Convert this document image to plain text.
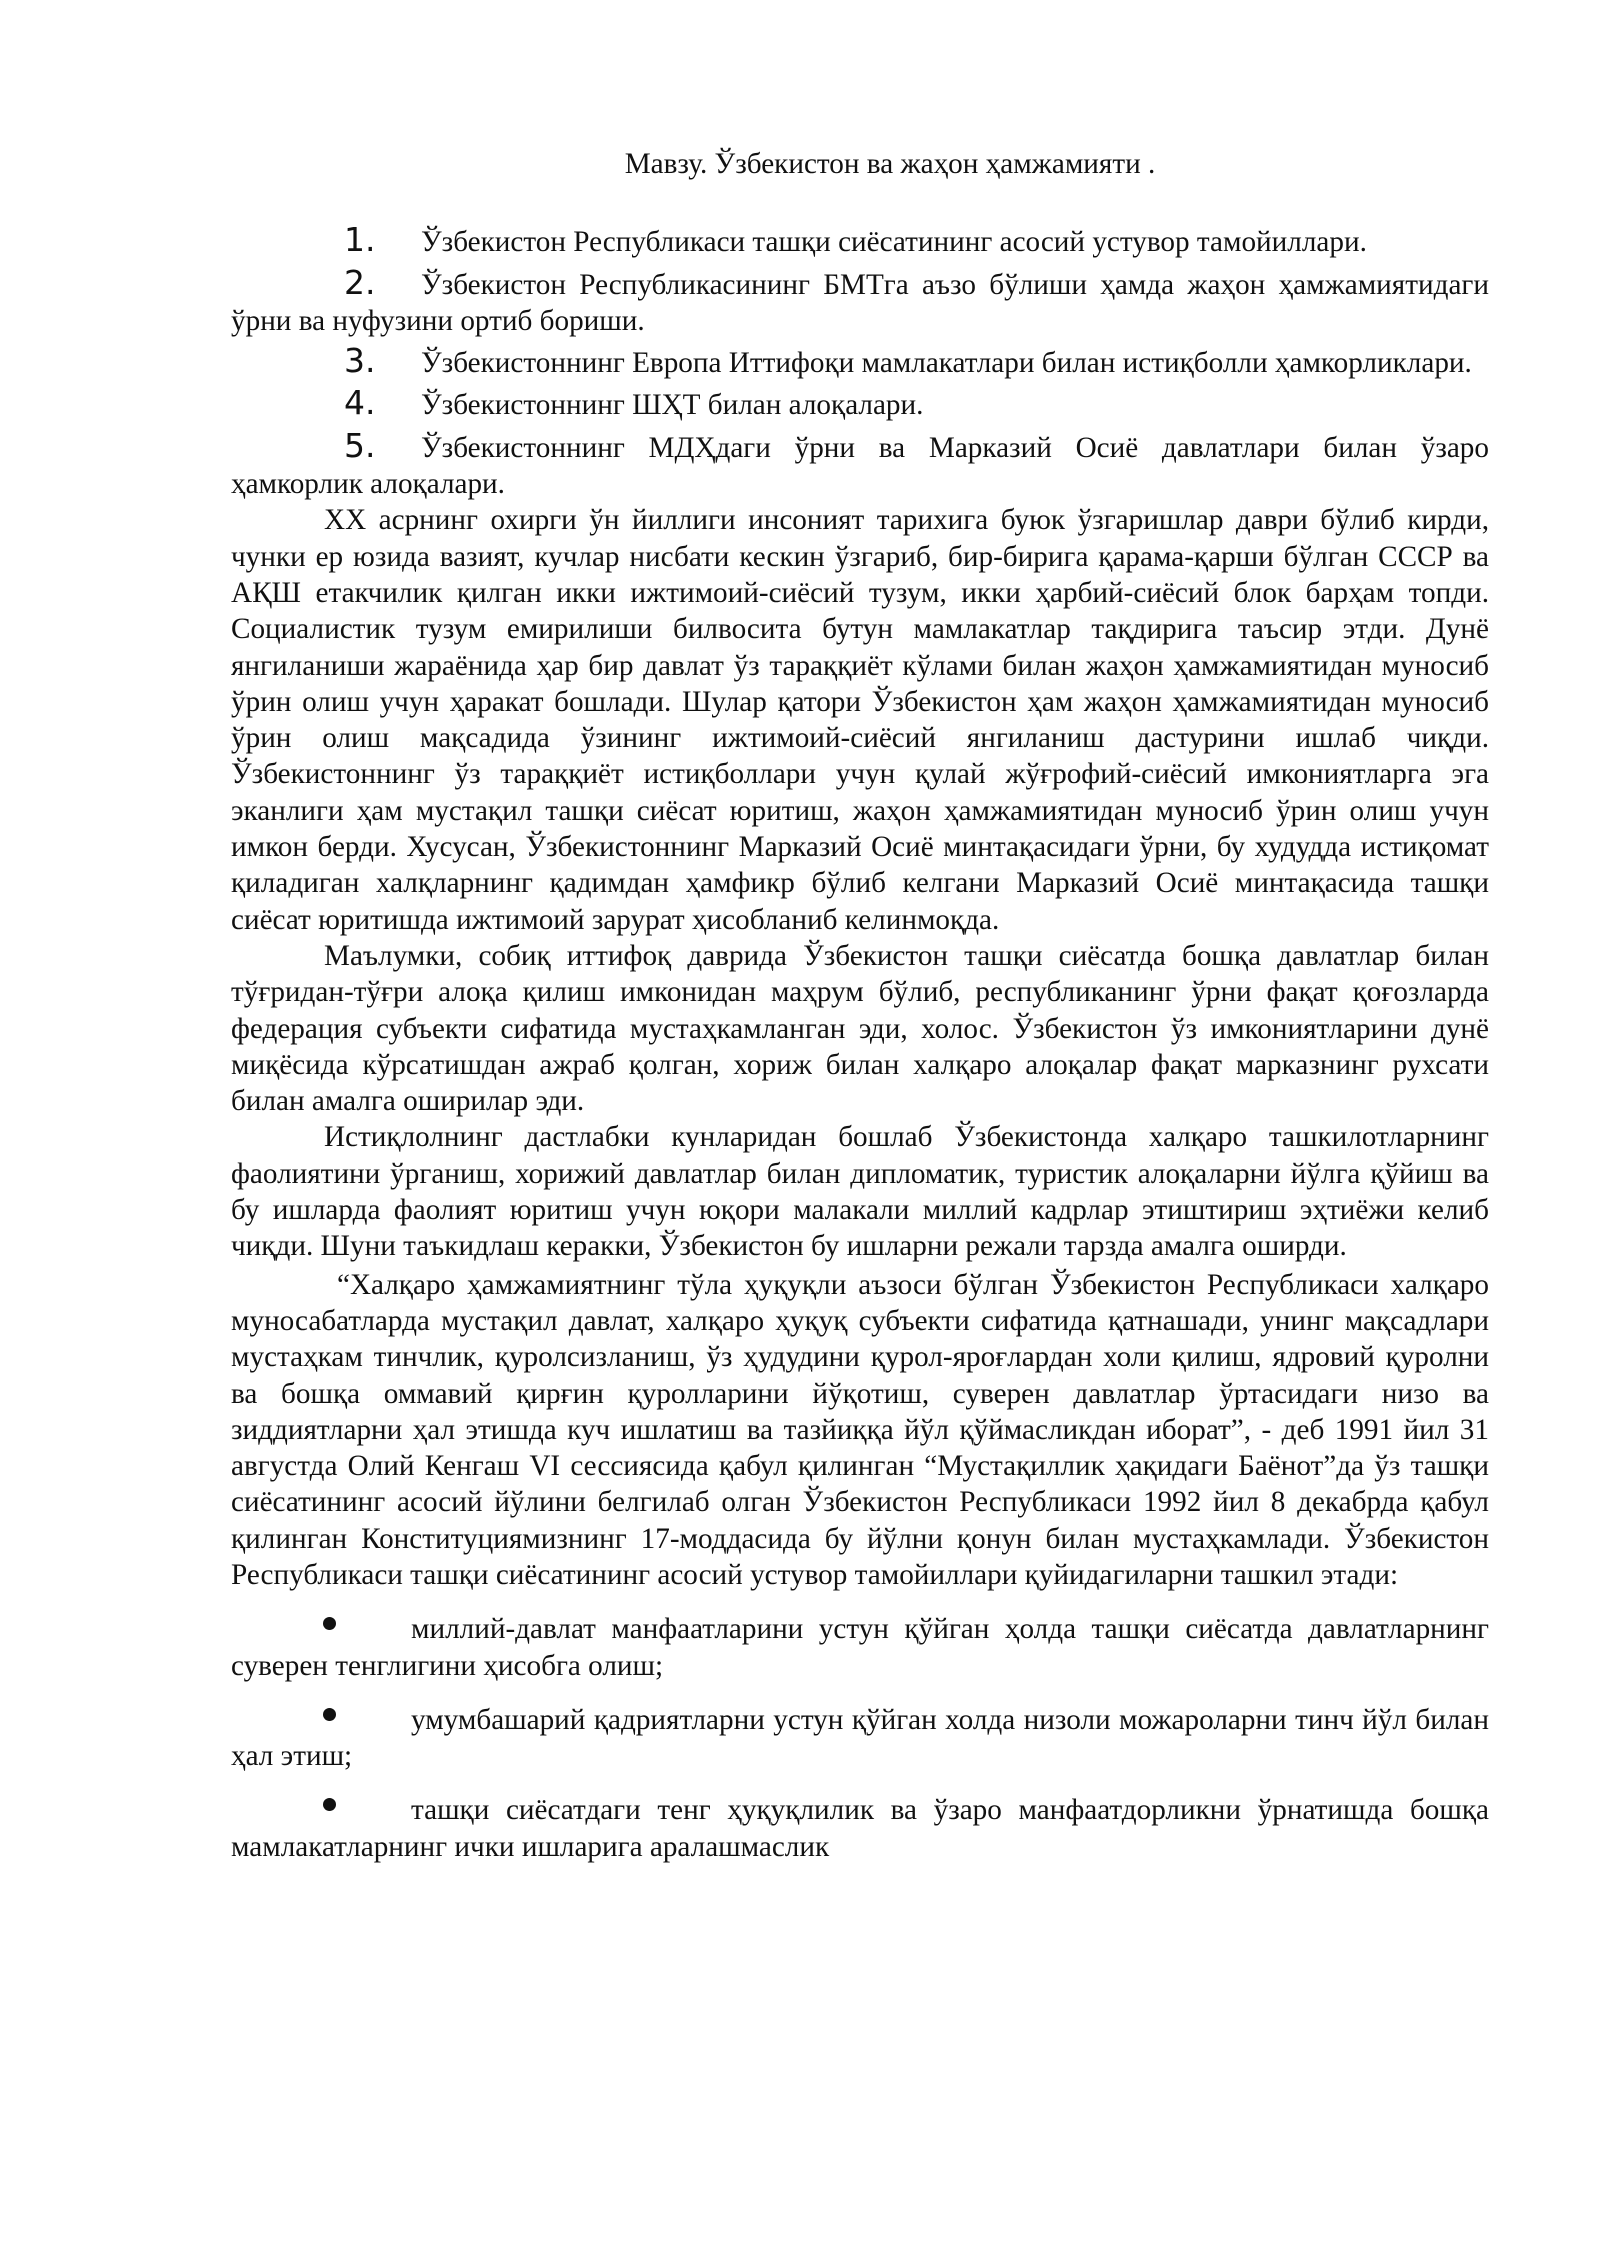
Мавзу. Ўзбекистон ва жаҳон ҳамжамияти .

1. Ўзбекистон Республикаси ташқи сиёсатининг асосий устувор тамойиллари.

2. Ўзбекистон Республикасининг БМТга аъзо бўлиши ҳамда жаҳон ҳамжамиятидаги ўрни ва нуфузини ортиб бориши.

3. Ўзбекистоннинг Европа Иттифоқи мамлакатлари билан истиқболли ҳамкорликлари.

4. Ўзбекистоннинг ШҲТ билан алоқалари.

5. Ўзбекистоннинг МДҲдаги ўрни ва Марказий Осиё давлатлари билан ўзаро ҳамкорлик алоқалари.

ХХ асрнинг охирги ўн йиллиги инсоният тарихига буюк ўзгаришлар даври бўлиб кирди, чунки ер юзида вазият, кучлар нисбати кескин ўзгариб, бир-бирига қарама-қарши бўлган СССР ва АҚШ етакчилик қилган икки ижтимоий-сиёсий тузум, икки ҳарбий-сиёсий блок барҳам топди. Социалистик тузум емирилиши билвосита бутун мамлакатлар тақдирига таъсир этди. Дунё янгиланиши жараёнида ҳар бир давлат ўз тараққиёт кўлами билан жаҳон ҳамжамиятидан муносиб ўрин олиш учун ҳаракат бошлади. Шулар қатори Ўзбекистон ҳам жаҳон ҳамжамиятидан муносиб ўрин олиш мақсадида ўзининг ижтимоий-сиёсий янгиланиш дастурини ишлаб чиқди. Ўзбекистоннинг ўз тараққиёт истиқболлари учун қулай жўғрофий-сиёсий имкониятларга эга эканлиги ҳам мустақил ташқи сиёсат юритиш, жаҳон ҳамжамиятидан муносиб ўрин олиш учун имкон берди. Хусусан, Ўзбекистоннинг Марказий Осиё минтақасидаги ўрни, бу худудда истиқомат қиладиган халқларнинг қадимдан ҳамфикр бўлиб келгани Марказий Осиё минтақасида ташқи сиёсат юритишда ижтимоий зарурат ҳисобланиб келинмоқда.

Маълумки, собиқ иттифоқ даврида Ўзбекистон ташқи сиёсатда бошқа давлатлар билан тўғридан-тўғри алоқа қилиш имконидан маҳрум бўлиб, республиканинг ўрни фақат қоғозларда федерация субъекти сифатида мустаҳкамланган эди, холос. Ўзбекистон ўз имкониятларини дунё миқёсида кўрсатишдан ажраб қолган, хориж билан халқаро алоқалар фақат марказнинг рухсати билан амалга оширилар эди.

Истиқлолнинг дастлабки кунларидан бошлаб Ўзбекистонда халқаро ташкилотларнинг фаолиятини ўрганиш, хорижий давлатлар билан дипломатик, туристик алоқаларни йўлга қўйиш ва бу ишларда фаолият юритиш учун юқори малакали миллий кадрлар этиштириш эҳтиёжи келиб чиқди. Шуни таъкидлаш керакки, Ўзбекистон бу ишларни режали тарзда амалга оширди.

“Халқаро ҳамжамиятнинг тўла ҳуқуқли аъзоси бўлган Ўзбекистон Республикаси халқаро муносабатларда мустақил давлат, халқаро ҳуқуқ субъекти сифатида қатнашади, унинг мақсадлари мустаҳкам тинчлик, қуролсизланиш, ўз ҳудудини қурол-яроғлардан холи қилиш, ядровий қуролни ва бошқа оммавий қирғин қуролларини йўқотиш, суверен давлатлар ўртасидаги низо ва зиддиятларни ҳал этишда куч ишлатиш ва тазйиққа йўл қўймасликдан иборат”, - деб 1991 йил 31 августда Олий Кенгаш VI сессиясида қабул қилинган “Мустақиллик ҳақидаги Баёнот”да ўз ташқи сиёсатининг асосий йўлини белгилаб олган Ўзбекистон Республикаси 1992 йил 8 декабрда қабул қилинган Конституциямизнинг 17-моддасида бу йўлни қонун билан мустаҳкамлади. Ўзбекистон Республикаси ташқи сиёсатининг асосий устувор тамойиллари қуйидагиларни ташкил этади:

миллий-давлат манфаатларини устун қўйган ҳолда ташқи сиёсатда давлатларнинг суверен тенглигини ҳисобга олиш;

умумбашарий қадриятларни устун қўйган холда низоли можароларни тинч йўл билан ҳал этиш;

ташқи сиёсатдаги тенг ҳуқуқлилик ва ўзаро манфаатдорликни ўрнатишда бошқа мамлакатларнинг ички ишларига аралашмаслик
